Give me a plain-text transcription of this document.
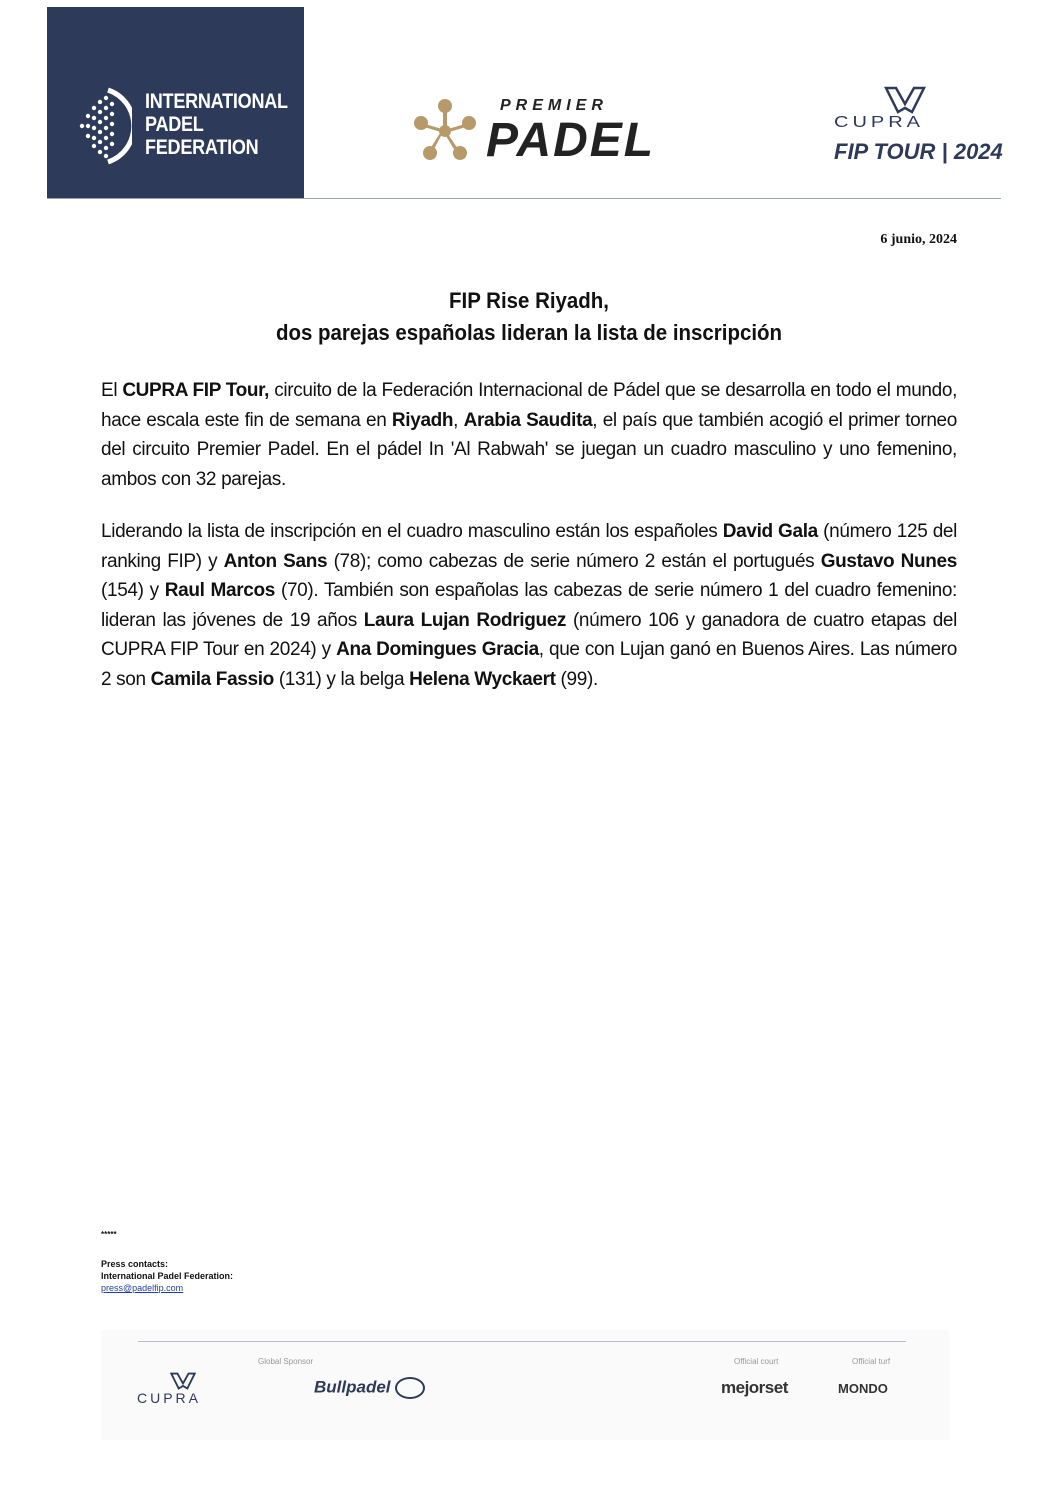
INTERNATIONAL
PADEL
FEDERATION
PREMIER
PADEL	CUPRA
FIP TOUR | 2024
6 junio, 2024
FIP Rise Riyadh,
dos parejas españolas lideran la lista de inscripción
El CUPRA FIP Tour, circuito de la Federación Internacional de Pádel que se desarrolla en todo el mundo, hace escala este fin de semana en Riyadh, Arabia Saudita, el país que también acogió el primer torneo del circuito Premier Padel. En el pádel In 'Al Rabwah' se juegan un cuadro masculino y uno femenino, ambos con 32 parejas.
Liderando la lista de inscripción en el cuadro masculino están los españoles David Gala (número 125 del ranking FIP) y Anton Sans (78); como cabezas de serie número 2 están el portugués Gustavo Nunes (154) y Raul Marcos (70). También son españolas las cabezas de serie número 1 del cuadro femenino: lideran las jóvenes de 19 años Laura Lujan Rodriguez (número 106 y ganadora de cuatro etapas del CUPRA FIP Tour en 2024) y Ana Domingues Gracia, que con Lujan ganó en Buenos Aires. Las número 2 son Camila Fassio (131) y la belga Helena Wyckaert (99).
*****
Press contacts:
International Padel Federation:
press@padelfip.com
Global Sponsor	Official court	Official turf
CUPRA
Bullpadel	mejorset	MONDO
